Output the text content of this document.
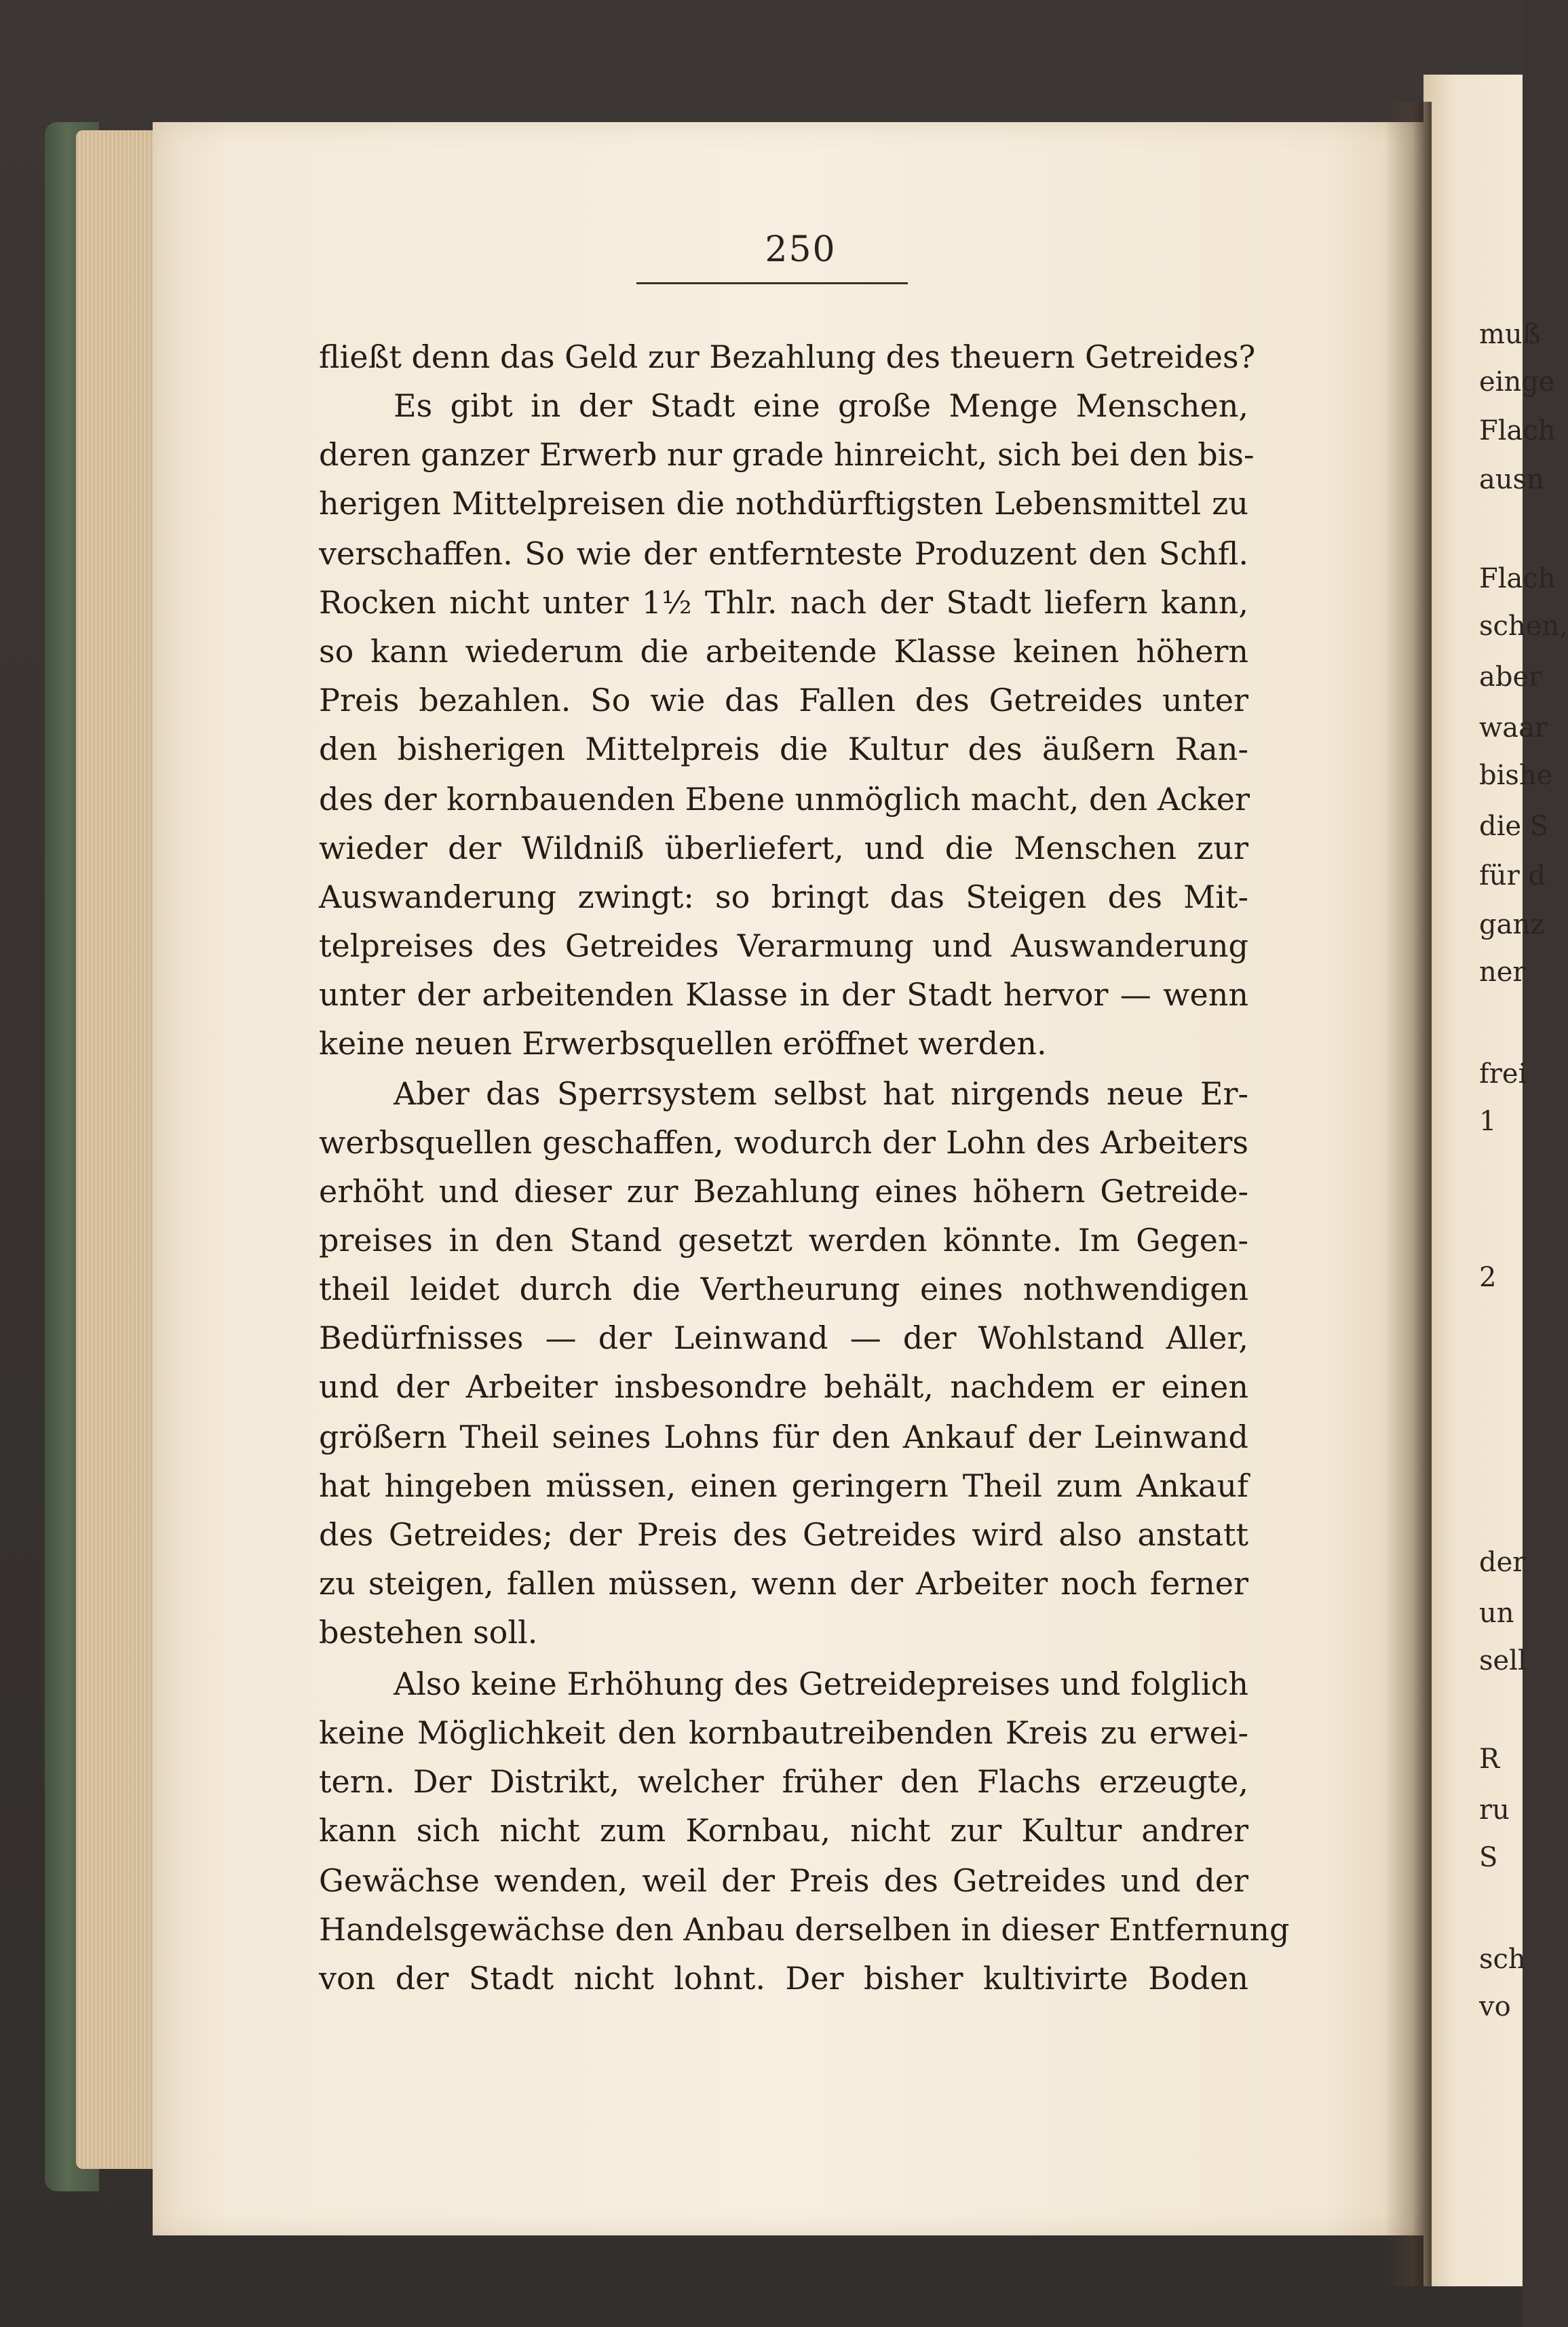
250
fließt denn das Geld zur Bezahlung des theuern Getreides?
Es gibt in der Stadt eine große Menge Menschen,
deren ganzer Erwerb nur grade hinreicht, sich bei den bis-
herigen Mittelpreisen die nothdürftigsten Lebensmittel zu
verschaffen. So wie der entfernteste Produzent den Schfl.
Rocken nicht unter 1½ Thlr. nach der Stadt liefern kann,
so kann wiederum die arbeitende Klasse keinen höhern
Preis bezahlen. So wie das Fallen des Getreides unter
den bisherigen Mittelpreis die Kultur des äußern Ran-
des der kornbauenden Ebene unmöglich macht, den Acker
wieder der Wildniß überliefert, und die Menschen zur
Auswanderung zwingt: so bringt das Steigen des Mit-
telpreises des Getreides Verarmung und Auswanderung
unter der arbeitenden Klasse in der Stadt hervor — wenn
keine neuen Erwerbsquellen eröffnet werden.
Aber das Sperrsystem selbst hat nirgends neue Er-
werbsquellen geschaffen, wodurch der Lohn des Arbeiters
erhöht und dieser zur Bezahlung eines höhern Getreide-
preises in den Stand gesetzt werden könnte. Im Gegen-
theil leidet durch die Vertheurung eines nothwendigen
Bedürfnisses — der Leinwand — der Wohlstand Aller,
und der Arbeiter insbesondre behält, nachdem er einen
größern Theil seines Lohns für den Ankauf der Leinwand
hat hingeben müssen, einen geringern Theil zum Ankauf
des Getreides; der Preis des Getreides wird also anstatt
zu steigen, fallen müssen, wenn der Arbeiter noch ferner
bestehen soll.
Also keine Erhöhung des Getreidepreises und folglich
keine Möglichkeit den kornbautreibenden Kreis zu erwei-
tern. Der Distrikt, welcher früher den Flachs erzeugte,
kann sich nicht zum Kornbau, nicht zur Kultur andrer
Gewächse wenden, weil der Preis des Getreides und der
Handelsgewächse den Anbau derselben in dieser Entfernung
von der Stadt nicht lohnt. Der bisher kultivirte Boden
muß
einge
Flach
ausn
Flach
schen,
aber
waar
bishe
die S
für d
ganz
ner
frei
1
2
der
un
sell
R
ru
S
sch
vo
